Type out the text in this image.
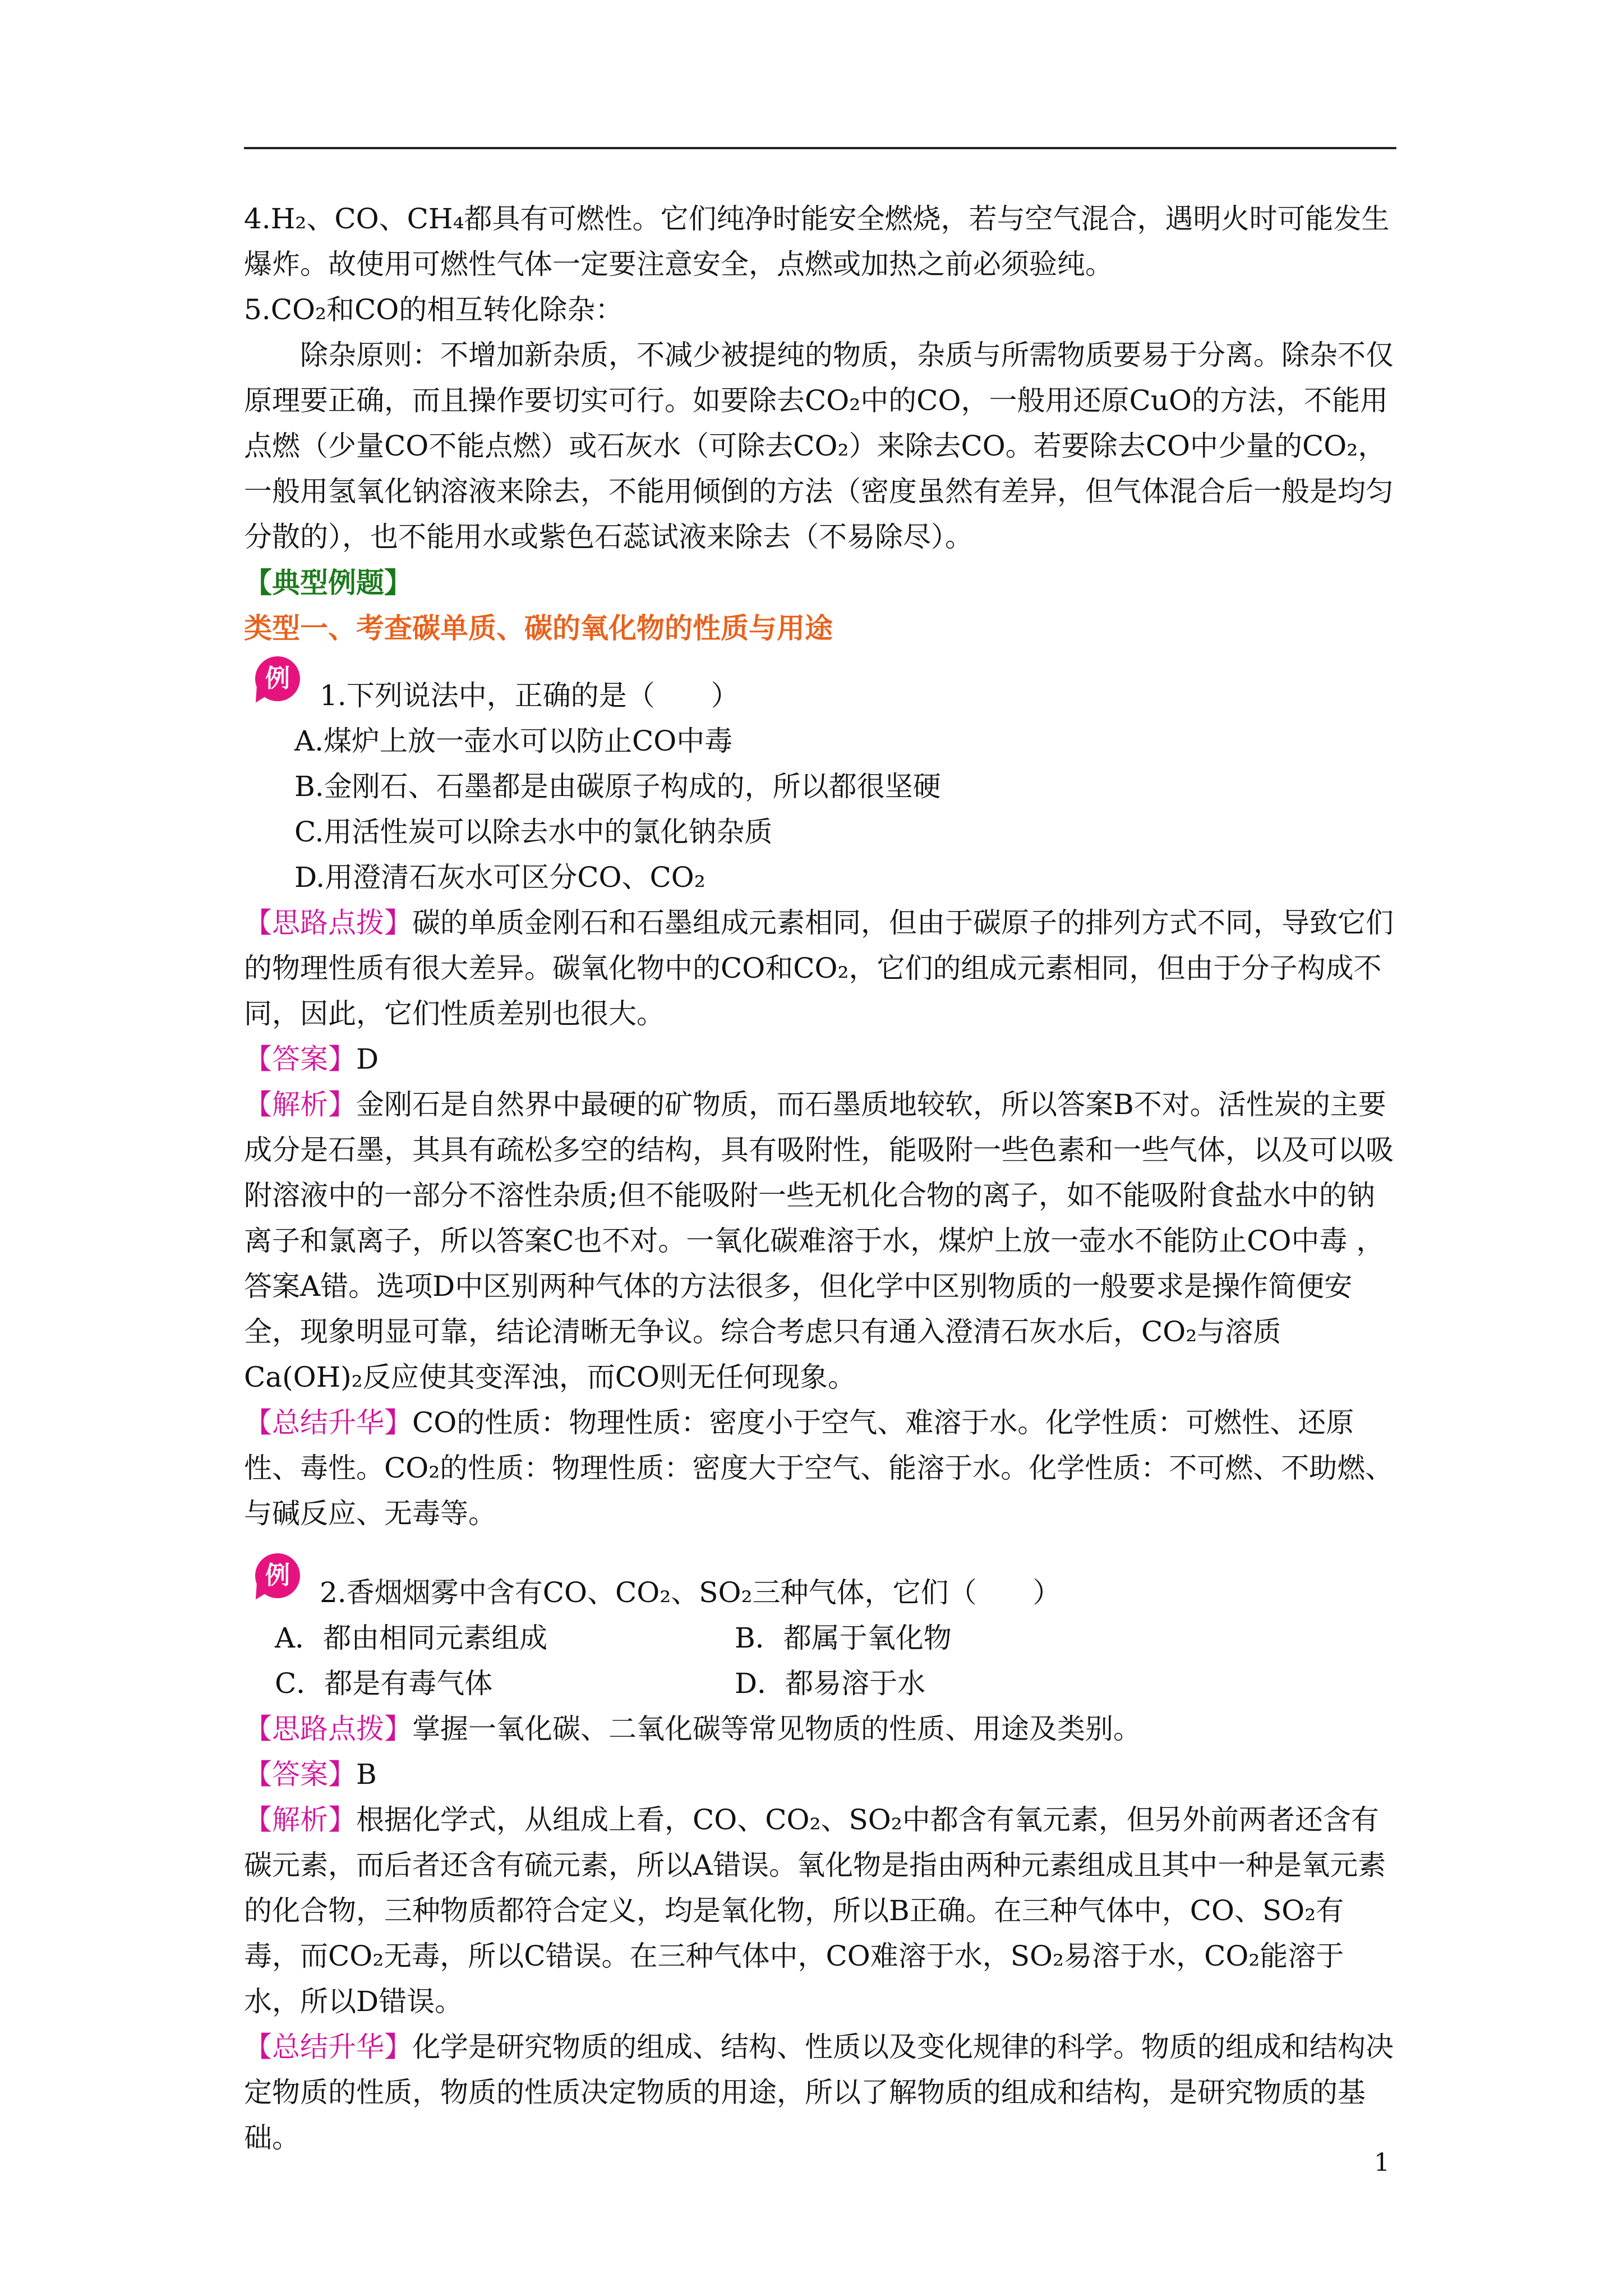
4.H₂、CO、CH₄都具有可燃性。它们纯净时能安全燃烧，若与空气混合，遇明火时可能发生

爆炸。故使用可燃性气体一定要注意安全，点燃或加热之前必须验纯。

5.CO₂和CO的相互转化除杂：

除杂原则：不增加新杂质，不减少被提纯的物质，杂质与所需物质要易于分离。除杂不仅原理要正确，而且操作要切实可行。如要除去CO₂中的CO，一般用还原CuO的方法，不能用点燃（少量CO不能点燃）或石灰水（可除去CO₂）来除去CO。若要除去CO中少量的CO₂，一般用氢氧化钠溶液来除去，不能用倾倒的方法（密度虽然有差异，但气体混合后一般是均匀分散的），也不能用水或紫色石蕊试液来除去（不易除尽）。

【典型例题】

类型一、考查碳单质、碳的氧化物的性质与用途

例
1.下列说法中，正确的是（　　）

A.煤炉上放一壶水可以防止CO中毒

B.金刚石、石墨都是由碳原子构成的，所以都很坚硬

C.用活性炭可以除去水中的氯化钠杂质

D.用澄清石灰水可区分CO、CO₂

【思路点拨】碳的单质金刚石和石墨组成元素相同，但由于碳原子的排列方式不同，导致它们的物理性质有很大差异。碳氧化物中的CO和CO₂，它们的组成元素相同，但由于分子构成不同，因此，它们性质差别也很大。

【答案】D

【解析】金刚石是自然界中最硬的矿物质，而石墨质地较软，所以答案B不对。活性炭的主要成分是石墨，其具有疏松多空的结构，具有吸附性，能吸附一些色素和一些气体，以及可以吸附溶液中的一部分不溶性杂质;但不能吸附一些无机化合物的离子，如不能吸附食盐水中的钠离子和氯离子，所以答案C也不对。一氧化碳难溶于水，煤炉上放一壶水不能防止CO中毒 ，答案A错。选项D中区别两种气体的方法很多，但化学中区别物质的一般要求是操作简便安全，现象明显可靠，结论清晰无争议。综合考虑只有通入澄清石灰水后，CO₂与溶质Ca(OH)₂反应使其变浑浊，而CO则无任何现象。

【总结升华】CO的性质：物理性质：密度小于空气、难溶于水。化学性质：可燃性、还原性、毒性。CO₂的性质：物理性质：密度大于空气、能溶于水。化学性质：不可燃、不助燃、与碱反应、无毒等。

例
2.香烟烟雾中含有CO、CO₂、SO₂三种气体，它们（　　）
A．都由相同元素组成	B．都属于氧化物
C．都是有毒气体	D．都易溶于水

【思路点拨】掌握一氧化碳、二氧化碳等常见物质的性质、用途及类别。

【答案】B

【解析】根据化学式，从组成上看，CO、CO₂、SO₂中都含有氧元素，但另外前两者还含有碳元素，而后者还含有硫元素，所以A错误。氧化物是指由两种元素组成且其中一种是氧元素的化合物，三种物质都符合定义，均是氧化物，所以B正确。在三种气体中，CO、SO₂有毒，而CO₂无毒，所以C错误。在三种气体中，CO难溶于水，SO₂易溶于水，CO₂能溶于水，所以D错误。

【总结升华】化学是研究物质的组成、结构、性质以及变化规律的科学。物质的组成和结构决定物质的性质，物质的性质决定物质的用途，所以了解物质的组成和结构，是研究物质的基础。

1
